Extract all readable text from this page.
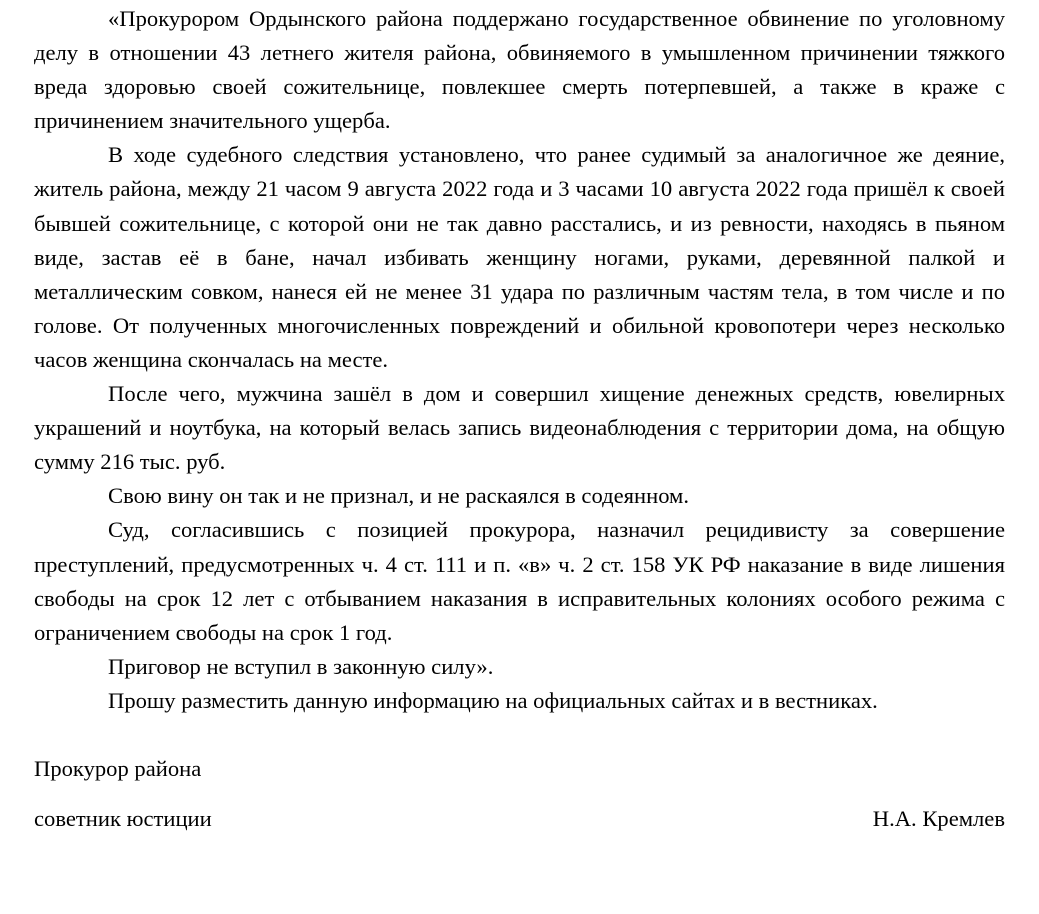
«Прокурором Ордынского района поддержано государственное обвинение по уголовному делу в отношении 43 летнего жителя района, обвиняемого в умышленном причинении тяжкого вреда здоровью своей сожительнице, повлекшее смерть потерпевшей, а также в краже с причинением значительного ущерба.

В ходе судебного следствия установлено, что ранее судимый за аналогичное же деяние, житель района, между 21 часом 9 августа 2022 года и 3 часами 10 августа 2022 года пришёл к своей бывшей сожительнице, с которой они не так давно расстались, и из ревности, находясь в пьяном виде, застав её в бане, начал избивать женщину ногами, руками, деревянной палкой и металлическим совком, нанеся ей не менее 31 удара по различным частям тела, в том числе и по голове. От полученных многочисленных повреждений и обильной кровопотери через несколько часов женщина скончалась на месте.

После чего, мужчина зашёл в дом и совершил хищение денежных средств, ювелирных украшений и ноутбука, на который велась запись видеонаблюдения с территории дома, на общую сумму 216 тыс. руб.

Свою вину он так и не признал, и не раскаялся в содеянном.

Суд, согласившись с позицией прокурора, назначил рецидивисту за совершение преступлений, предусмотренных ч. 4 ст. 111 и п. «в» ч. 2 ст. 158 УК РФ наказание в виде лишения свободы на срок 12 лет с отбыванием наказания в исправительных колониях особого режима с ограничением свободы на срок 1 год.

Приговор не вступил в законную силу».

Прошу разместить данную информацию на официальных сайтах и в вестниках.

Прокурор района

советник юстиции	Н.А. Кремлев
